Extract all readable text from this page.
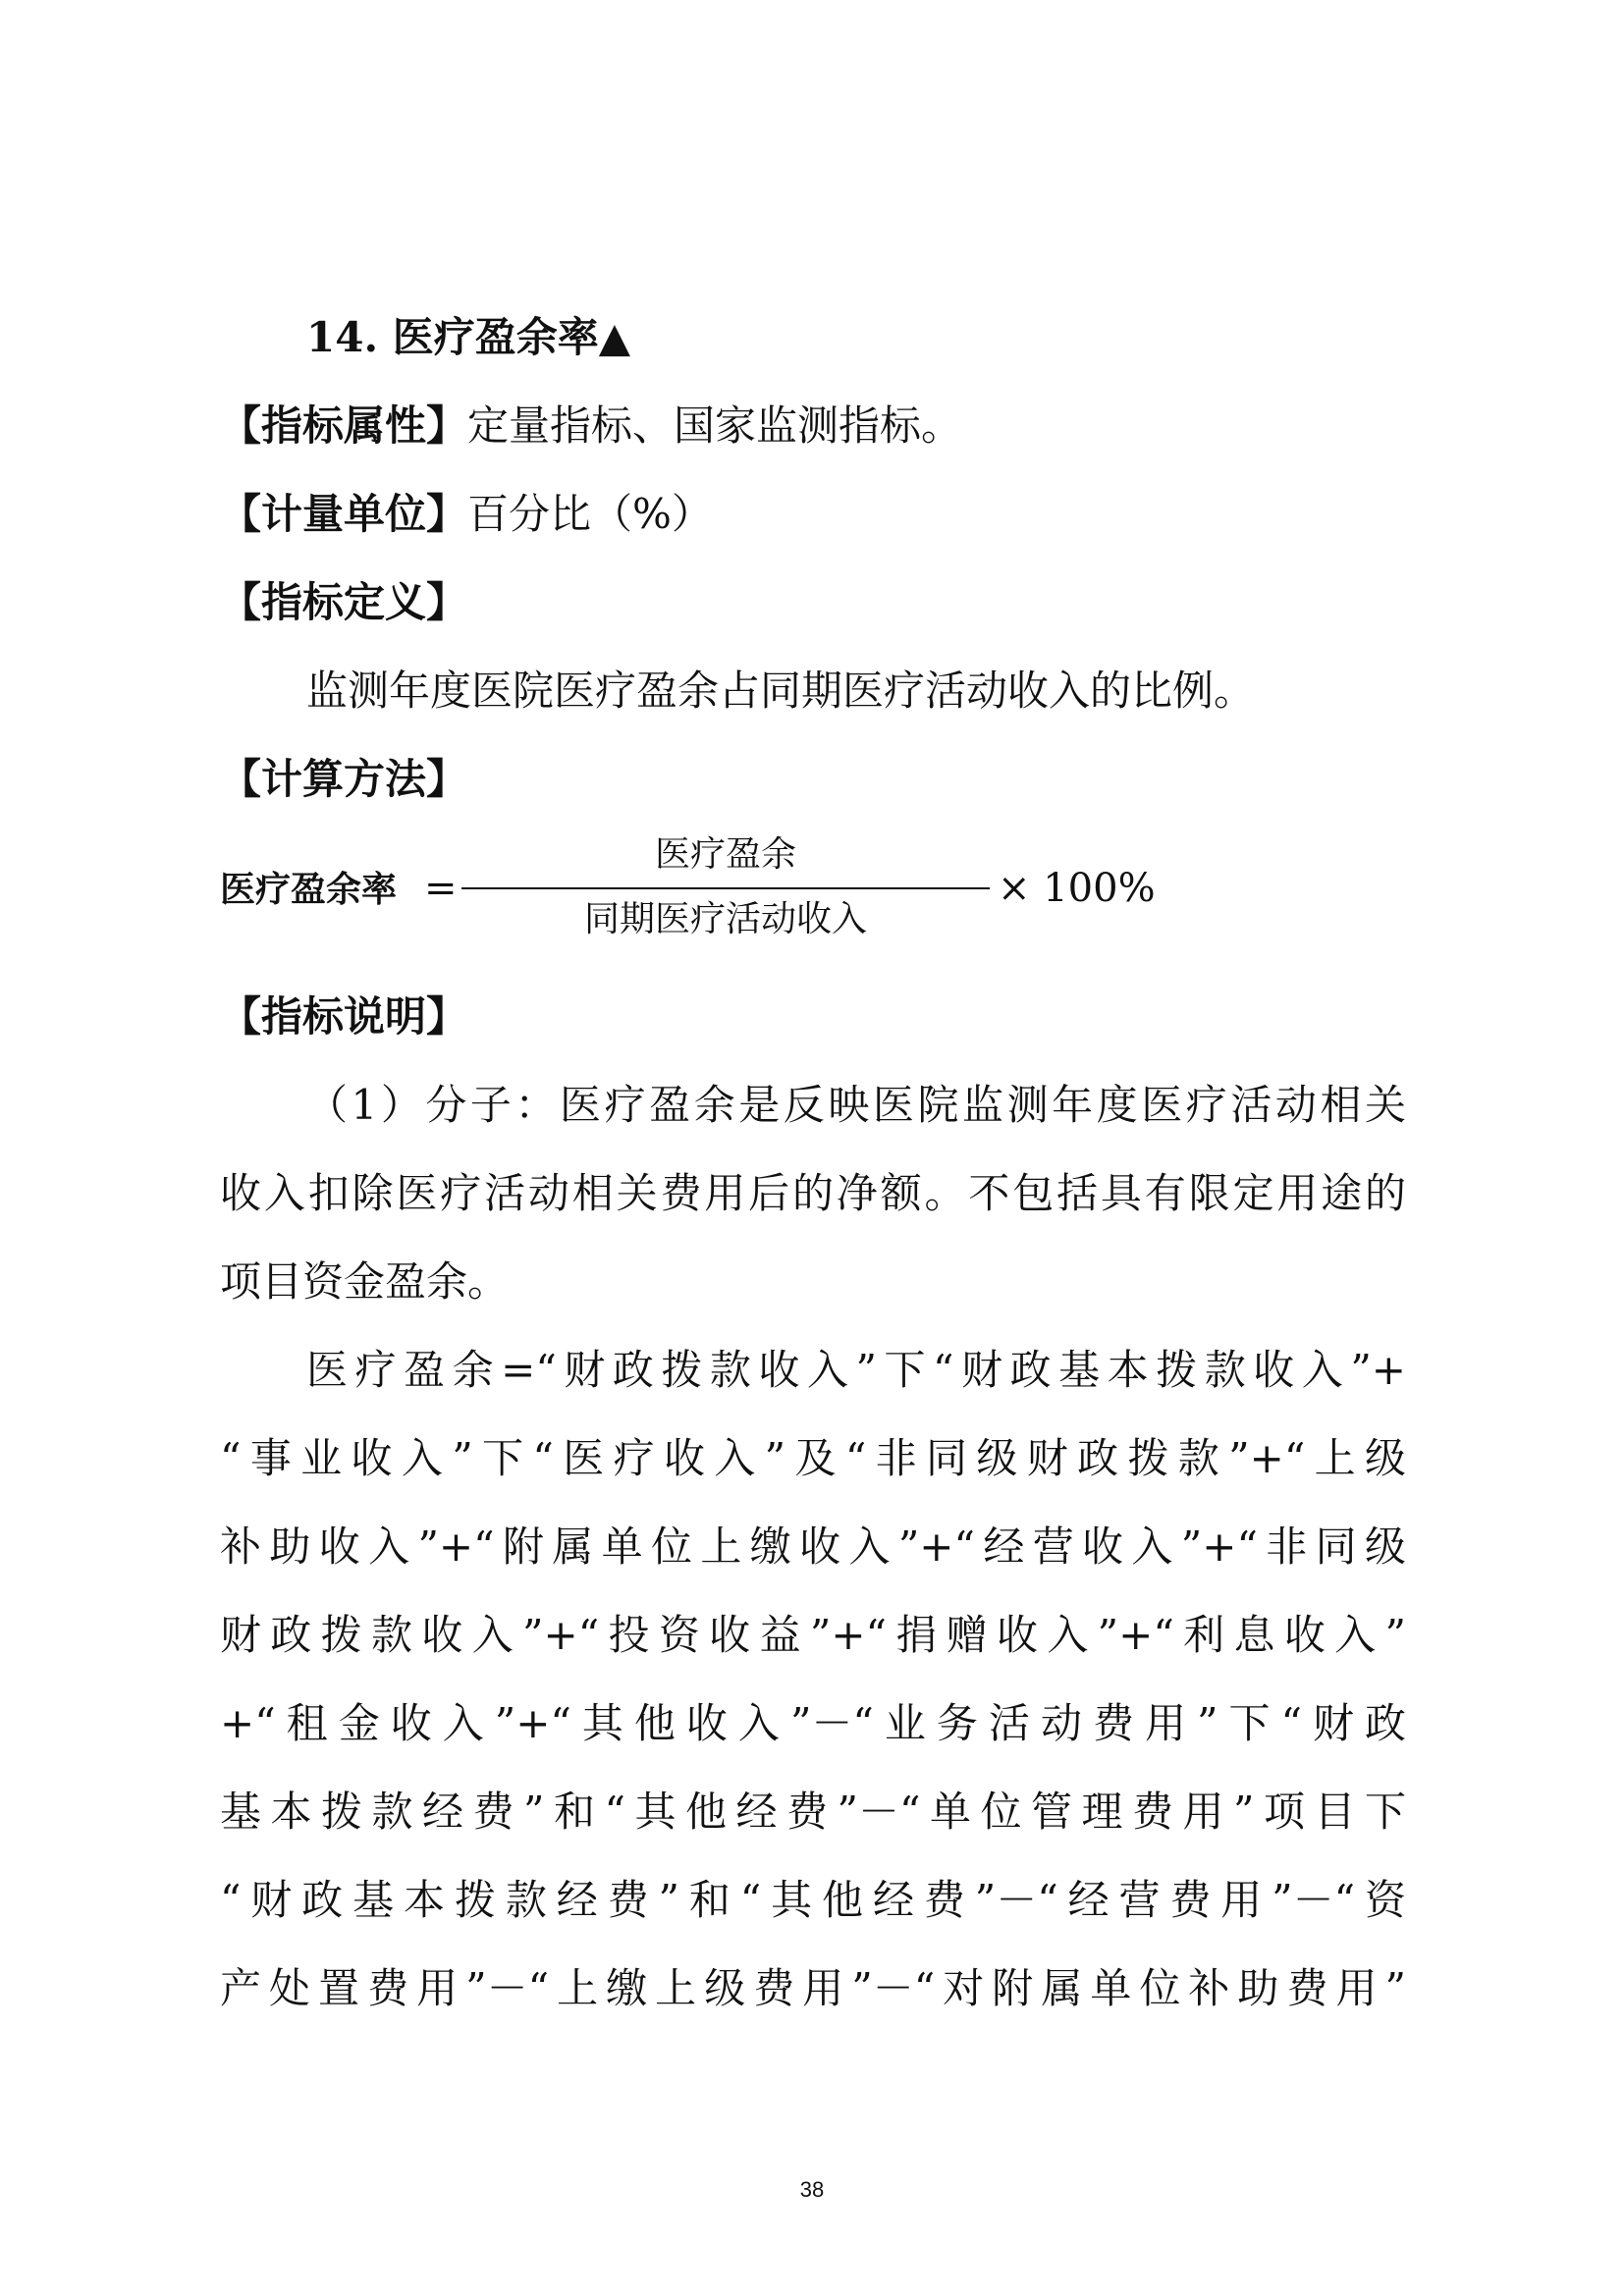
14. 医疗盈余率▲
【指标属性】定量指标、国家监测指标。
【计量单位】百分比（%）
【指标定义】
监测年度医院医疗盈余占同期医疗活动收入的比例。
【计算方法】
医疗盈余率 =
医疗盈余
同期医疗活动收入
× 100%
【指标说明】
（1）分子：医疗盈余是反映医院监测年度医疗活动相关
收入扣除医疗活动相关费用后的净额。不包括具有限定用途的
项目资金盈余。
医疗盈余=“财政拨款收入”下“财政基本拨款收入”+
“事业收入”下“医疗收入”及“非同级财政拨款”+“上级
补助收入”+“附属单位上缴收入”+“经营收入”+“非同级
财政拨款收入”+“投资收益”+“捐赠收入”+“利息收入”
+“租金收入”+“其他收入”－“业务活动费用”下“财政
基本拨款经费”和“其他经费”－“单位管理费用”项目下
“财政基本拨款经费”和“其他经费”－“经营费用”－“资
产处置费用”－“上缴上级费用”－“对附属单位补助费用”
38
